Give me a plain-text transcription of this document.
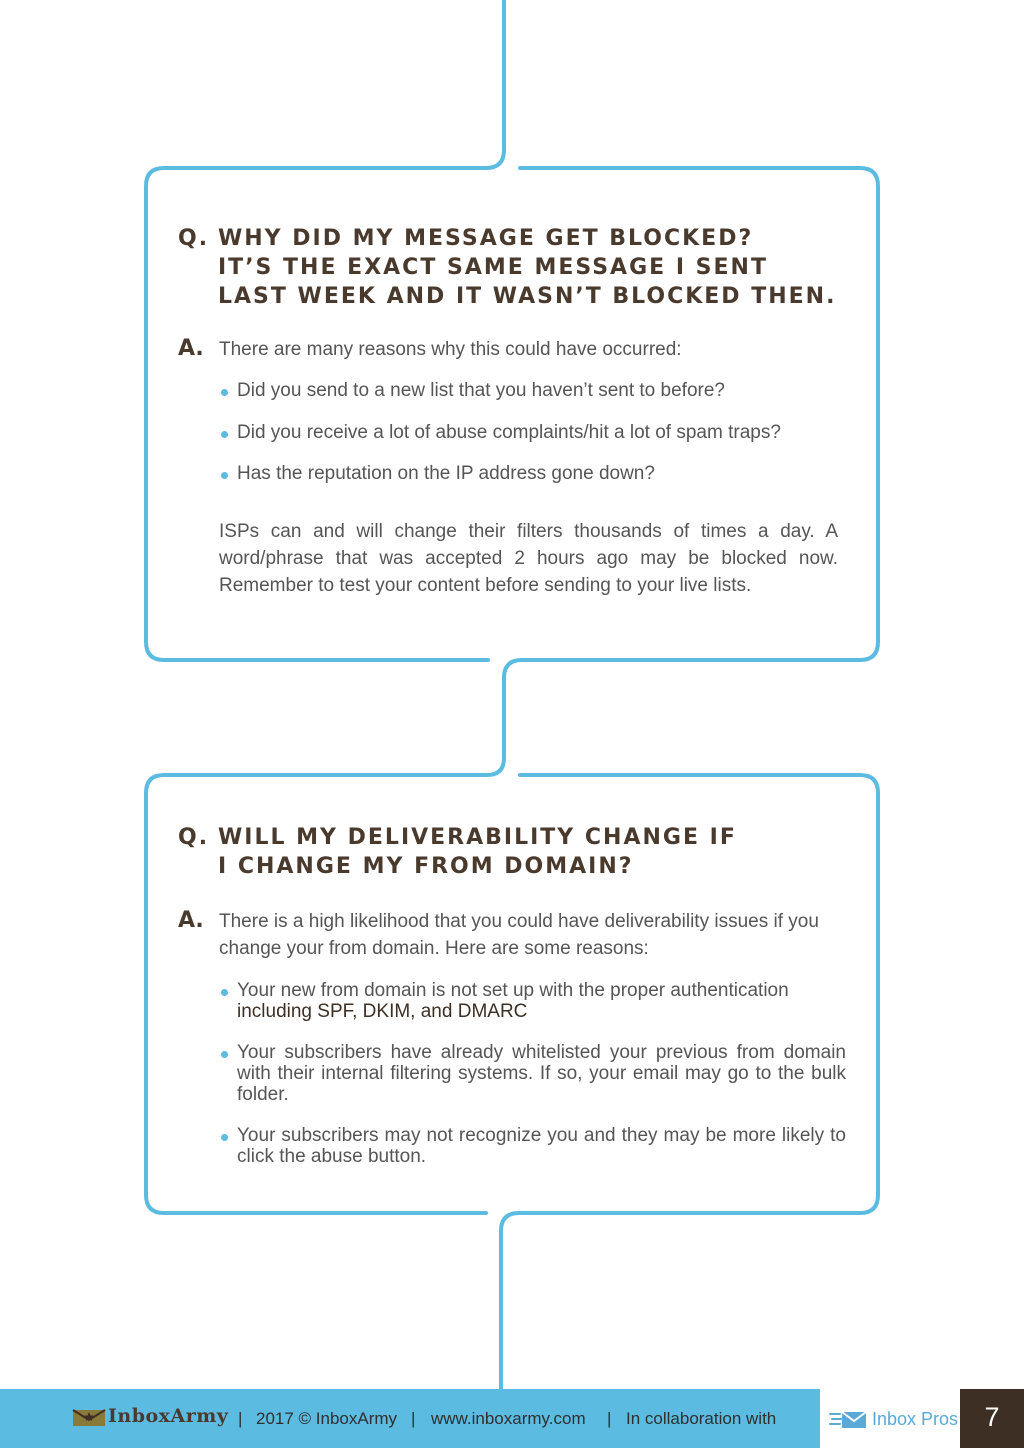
Q. WHY DID MY MESSAGE GET BLOCKED?
IT’S THE EXACT SAME MESSAGE I SENT
LAST WEEK AND IT WASN’T BLOCKED THEN.
A. There are many reasons why this could have occurred:
Did you send to a new list that you haven’t sent to before?
Did you receive a lot of abuse complaints/hit a lot of spam traps?
Has the reputation on the IP address gone down?
ISPs can and will change their filters thousands of times a day. A word/phrase that was accepted 2 hours ago may be blocked now. Remember to test your content before sending to your live lists.
Q. WILL MY DELIVERABILITY CHANGE IF
I CHANGE MY FROM DOMAIN?
A. There is a high likelihood that you could have deliverability issues if you change your from domain. Here are some reasons:
Your new from domain is not set up with the proper authentication
including SPF, DKIM, and DMARC
Your subscribers have already whitelisted your previous from domain with their internal filtering systems. If so, your email may go to the bulk folder.
Your subscribers may not recognize you and they may be more likely to click the abuse button.
InboxArmy | 2017 © InboxArmy | www.inboxarmy.com | In collaboration with	Inbox Pros 7
